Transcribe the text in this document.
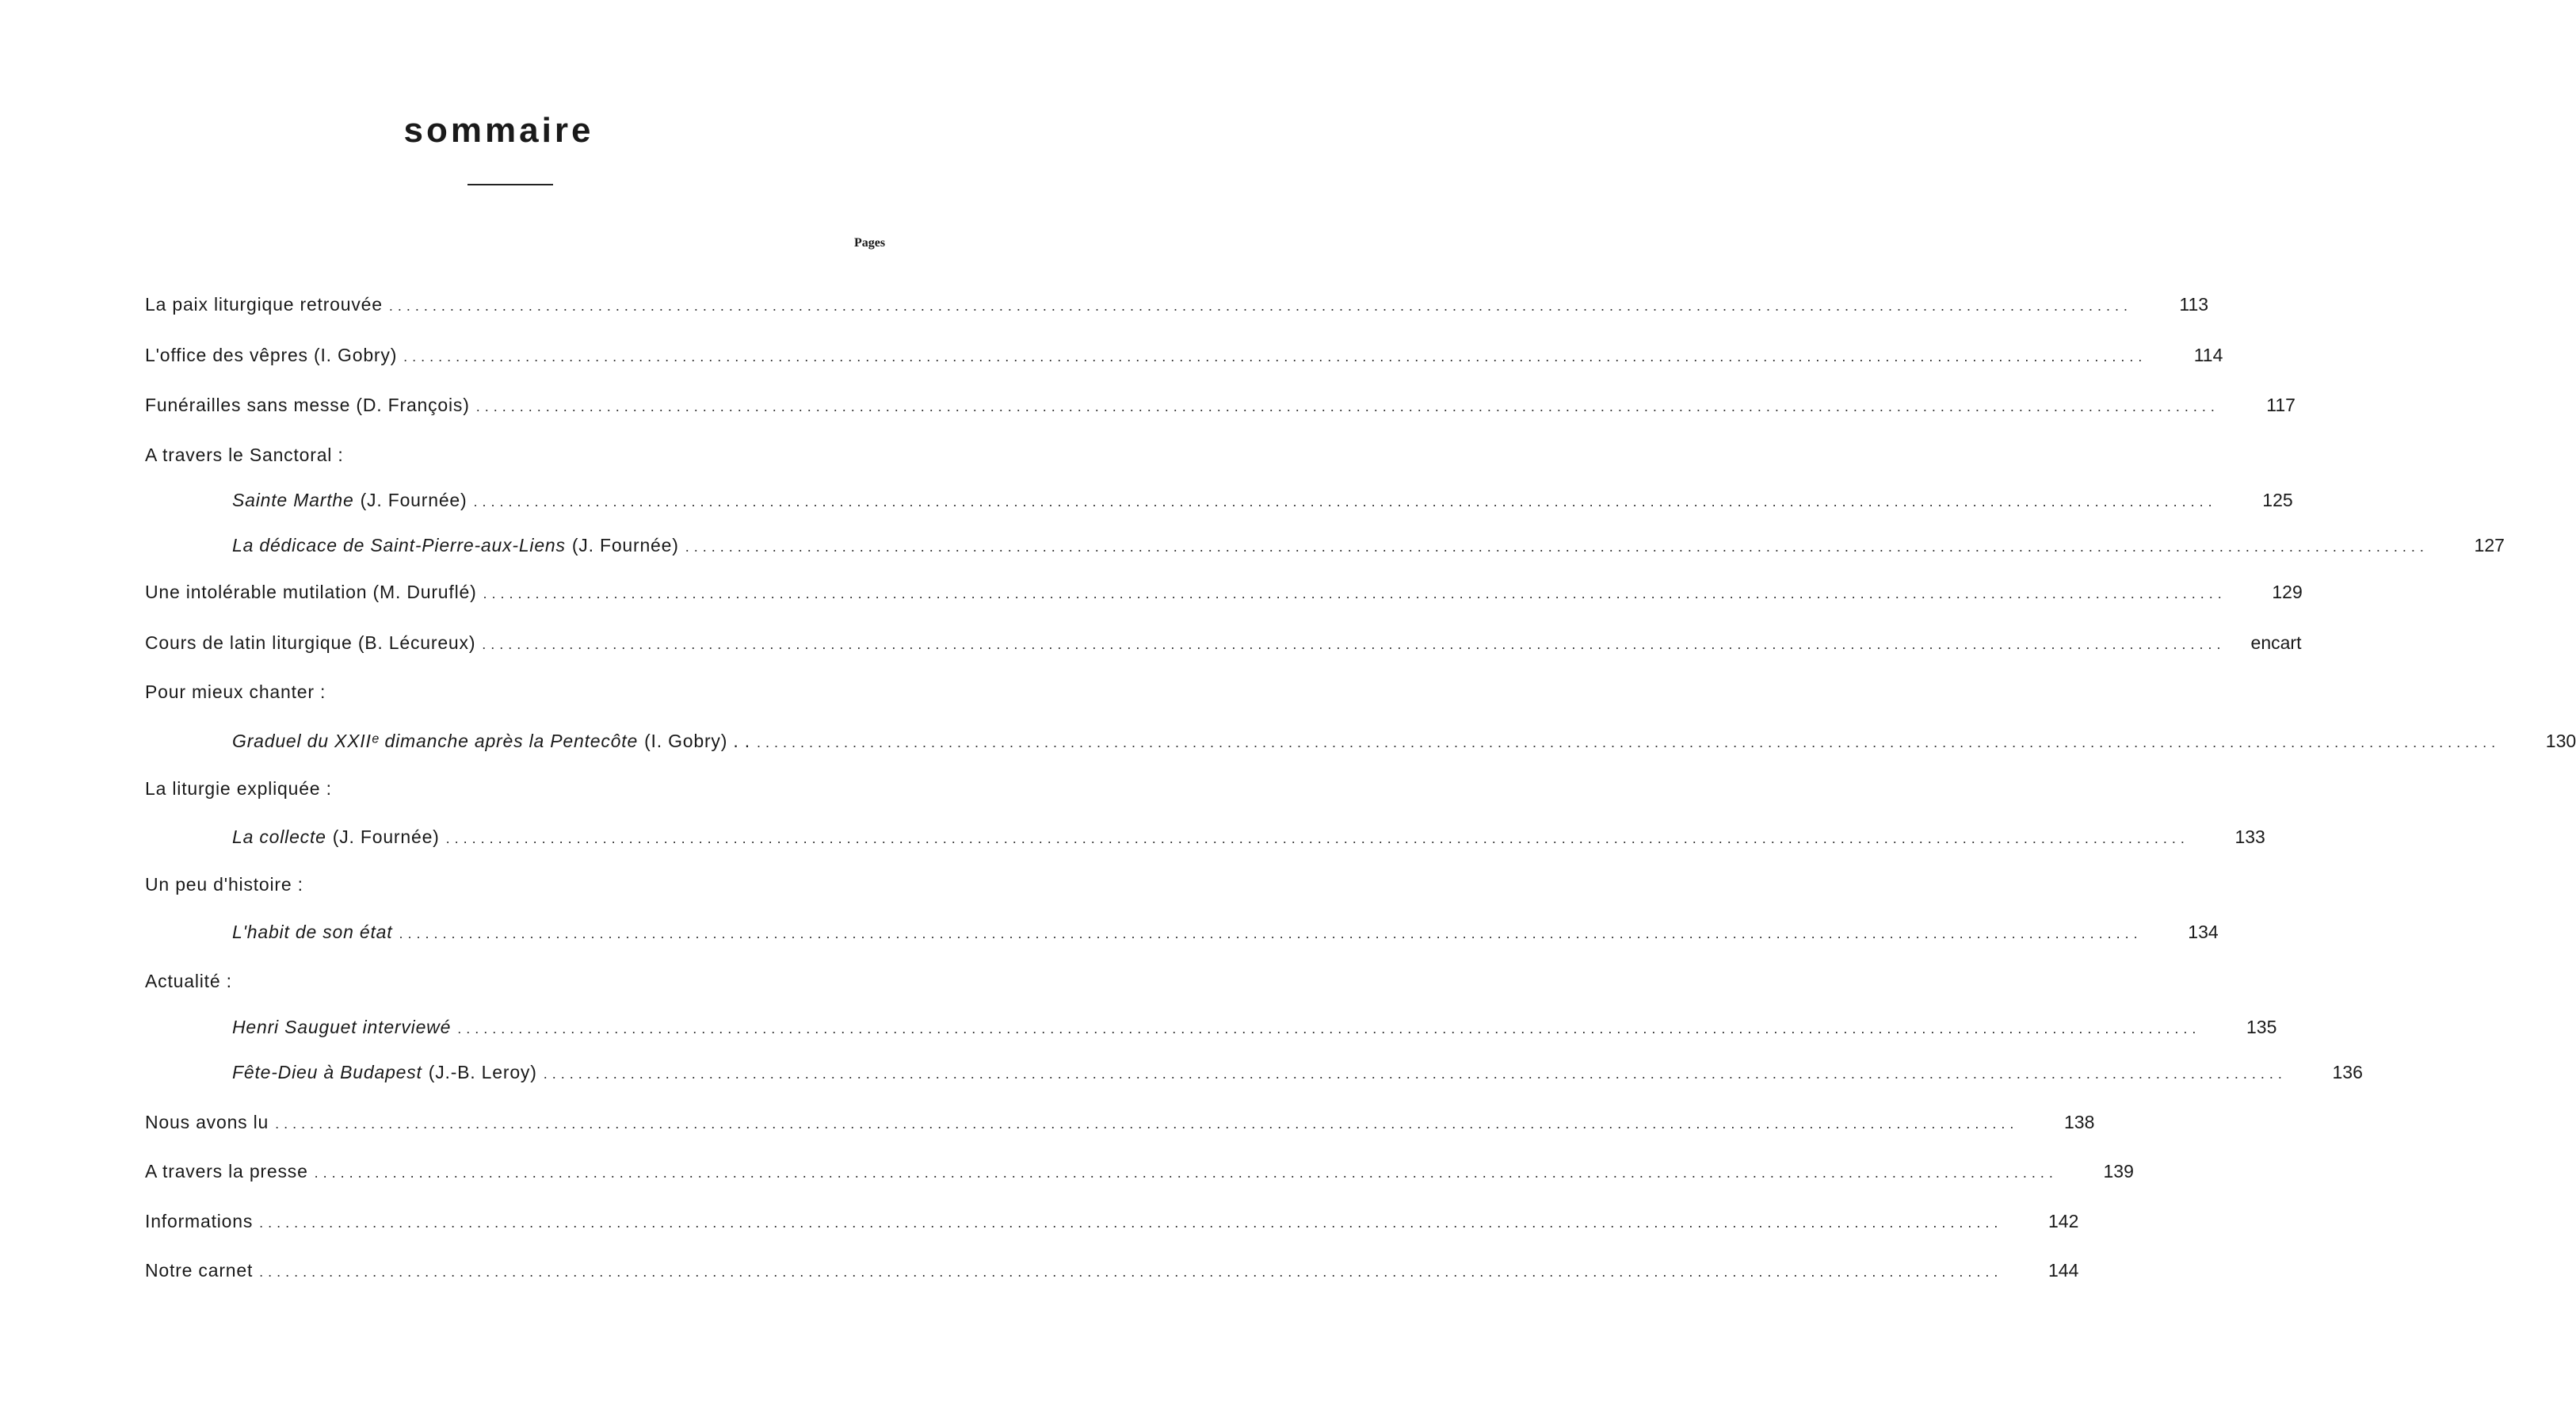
sommaire
Pages
La paix liturgique retrouvée ........................................................................................................................................................................................................	113
L'office des vêpres (I. Gobry) ........................................................................................................................................................................................................	114
Funérailles sans messe (D. François) ........................................................................................................................................................................................................	117
A travers le Sanctoral :
Sainte Marthe (J. Fournée) ........................................................................................................................................................................................................	125
La dédicace de Saint-Pierre-aux-Liens (J. Fournée) ........................................................................................................................................................................................................	127
Une intolérable mutilation (M. Duruflé) ........................................................................................................................................................................................................	129
Cours de latin liturgique (B. Lécureux) ........................................................................................................................................................................................................ encart
Pour mieux chanter :
Graduel du XXIIᵉ dimanche après la Pentecôte (I. Gobry) . . ........................................................................................................................................................................................................	130
La liturgie expliquée :
La collecte (J. Fournée) ........................................................................................................................................................................................................	133
Un peu d'histoire :
L'habit de son état ........................................................................................................................................................................................................	134
Actualité :
Henri Sauguet interviewé ........................................................................................................................................................................................................	135
Fête-Dieu à Budapest (J.-B. Leroy) ........................................................................................................................................................................................................	136
Nous avons lu ........................................................................................................................................................................................................	138
A travers la presse ........................................................................................................................................................................................................	139
Informations ........................................................................................................................................................................................................	142
Notre carnet ........................................................................................................................................................................................................	144
